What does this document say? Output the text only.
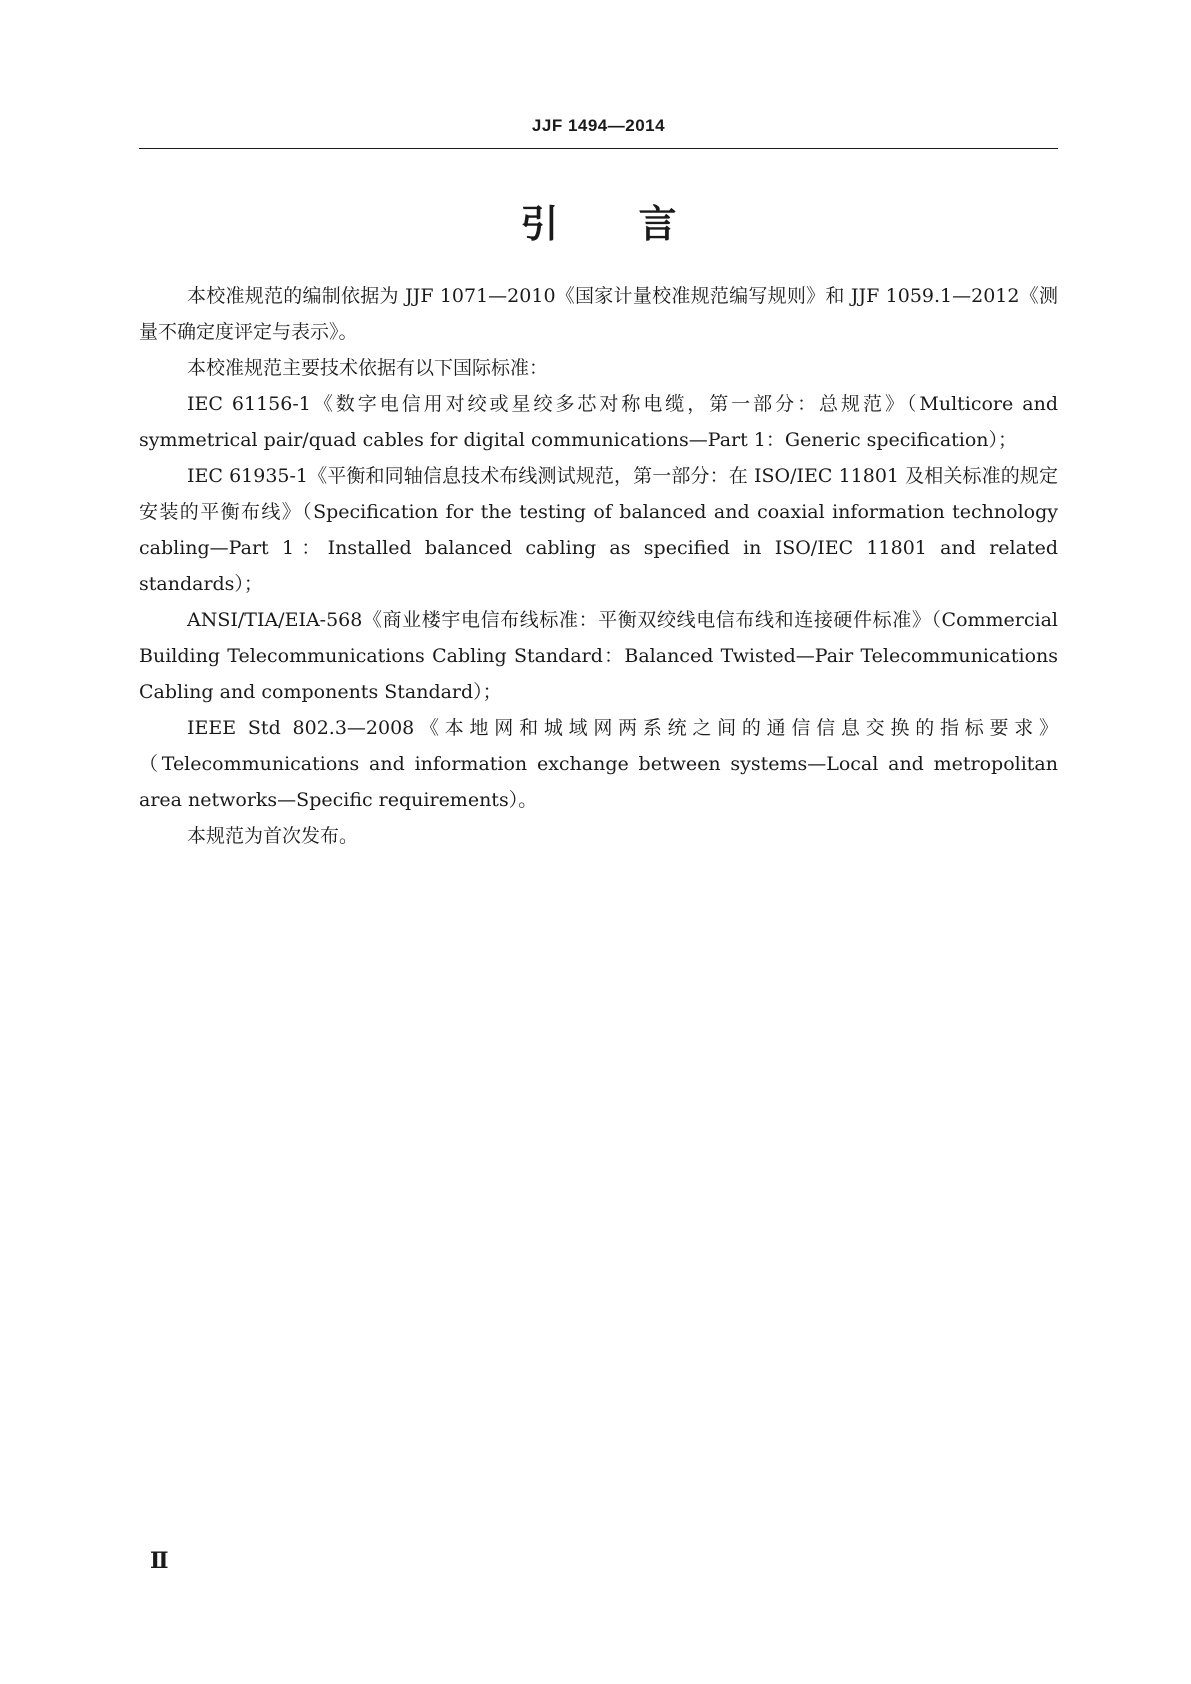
JJF 1494—2014
引 言

本校准规范的编制依据为 JJF 1071—2010《国家计量校准规范编写规则》和 JJF 1059.1—2012《测量不确定度评定与表示》。

本校准规范主要技术依据有以下国际标准：

IEC 61156-1《数字电信用对绞或星绞多芯对称电缆，第一部分：总规范》（Multicore and symmetrical pair/quad cables for digital communications—Part 1：Generic specification）；

IEC 61935-1《平衡和同轴信息技术布线测试规范，第一部分：在 ISO/IEC 11801 及相关标准的规定安装的平衡布线》（Specification for the testing of balanced and coaxial information technology cabling—Part 1：Installed balanced cabling as specified in ISO/IEC 11801 and related standards）；

ANSI/TIA/EIA-568《商业楼宇电信布线标准：平衡双绞线电信布线和连接硬件标准》（Commercial Building Telecommunications Cabling Standard：Balanced Twisted—Pair Telecommunications Cabling and components Standard）；

IEEE Std 802.3—2008《本地网和城域网两系统之间的通信信息交换的指标要求》（Telecommunications and information exchange between systems—Local and metropolitan area networks—Specific requirements）。

本规范为首次发布。

Ⅱ
